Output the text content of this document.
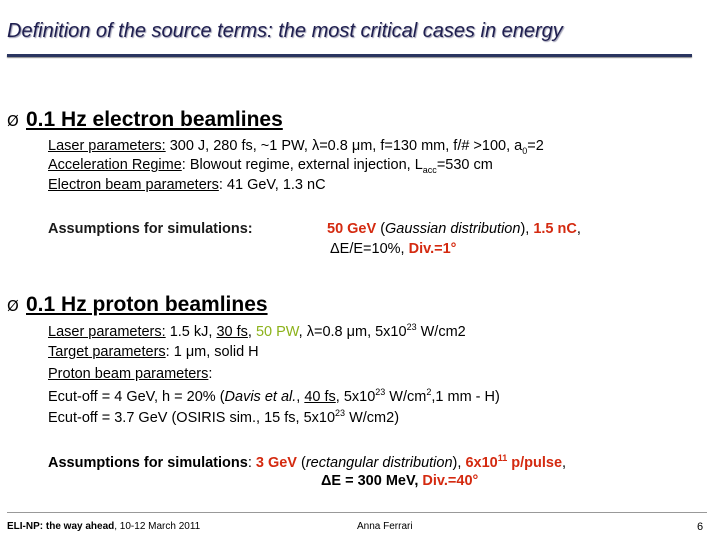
Definition of the source terms: the most critical cases in energy
Ø 0.1 Hz electron beamlines
Laser parameters: 300 J, 280 fs, ~1 PW, λ=0.8 μm, f=130 mm, f/# >100, $a_0=2$
Acceleration Regime: Blowout regime, external injection, $L_{acc}=530$ cm
Electron beam parameters: 41 GeV, 1.3 nC
Assumptions for simulations:	50 GeV (Gaussian distribution), 1.5 nC,
ΔE/E=10%, Div.=1°
Ø 0.1 Hz proton beamlines
Laser parameters: 1.5 kJ, 30 fs, 50 PW, λ=0.8 μm, $5x10^{23}$ W/cm2
Target parameters: 1 μm, solid H
Proton beam parameters:
Ecut-off = 4 GeV, h = 20% (Davis et al., 40 fs, $5x10^{23}$ $W/cm^2,1$ mm - H)
Ecut-off = 3.7 GeV (OSIRIS sim., 15 fs, $5x10^{23}$ W/cm2)
Assumptions for simulations: 3 GeV (rectangular distribution), $6x10^{11}$ p/pulse,
ΔE = 300 MeV, Div.=40°
ELI-NP: the way ahead, 10-12 March 2011	Anna Ferrari	6
